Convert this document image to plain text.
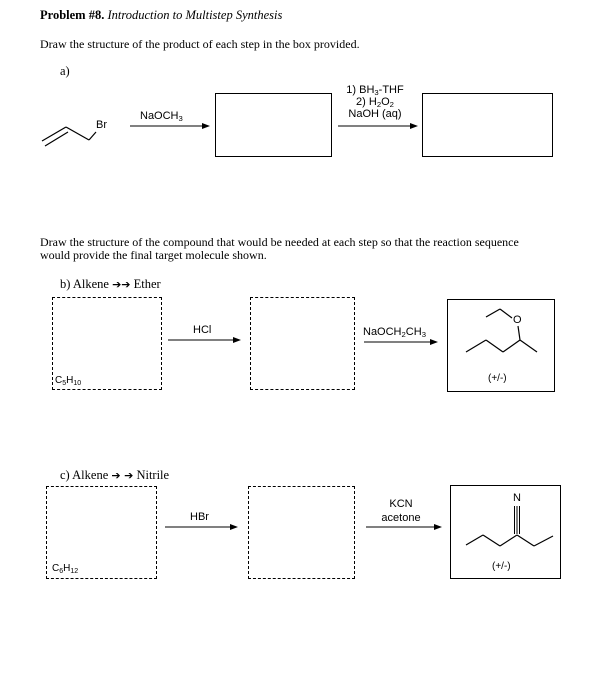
Problem #8. Introduction to Multistep Synthesis
Draw the structure of the product of each step in the box provided.
a)
Br
NaOCH$_3$
1) $BH_3$-THF
2) $H_2O_2$
NaOH (aq)
Draw the structure of the compound that would be needed at each step so that the reaction sequence
would provide the final target molecule shown.
b) Alkene ➔➔ Ether
$C_5H_{10}$
HCl	$NaOCH_2CH_3$
O
(+/-)
c) Alkene ➔ ➔ Nitrile
$C_6H_{12}$
HBr
KCN
acetone
N
(+/-)
